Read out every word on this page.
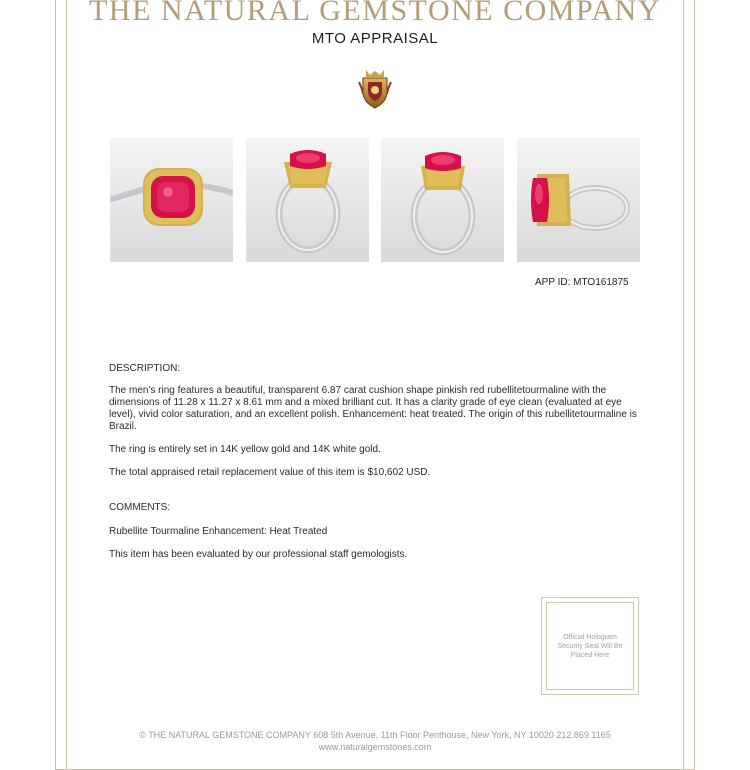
THE NATURAL GEMSTONE COMPANY
MTO APPRAISAL
APP ID: MTO161875
DESCRIPTION:
The men's ring features a beautiful, transparent 6.87 carat cushion shape pinkish red rubellitetourmaline with the dimensions of 11.28 x 11.27 x 8.61 mm and a mixed brilliant cut. It has a clarity grade of eye clean (evaluated at eye level), vivid color saturation, and an excellent polish. Enhancement: heat treated. The origin of this rubellitetourmaline is Brazil.
The ring is entirely set in 14K yellow gold and 14K white gold.
The total appraised retail replacement value of this item is $10,602 USD.
COMMENTS:
Rubellite Tourmaline Enhancement: Heat Treated
This item has been evaluated by our professional staff gemologists.
Official Hologram Security Seal Will Be Placed Here
© THE NATURAL GEMSTONE COMPANY 608 5th Avenue, 11th Floor Penthouse, New York, NY 10020 212.869.1165
www.naturalgemstones.com
